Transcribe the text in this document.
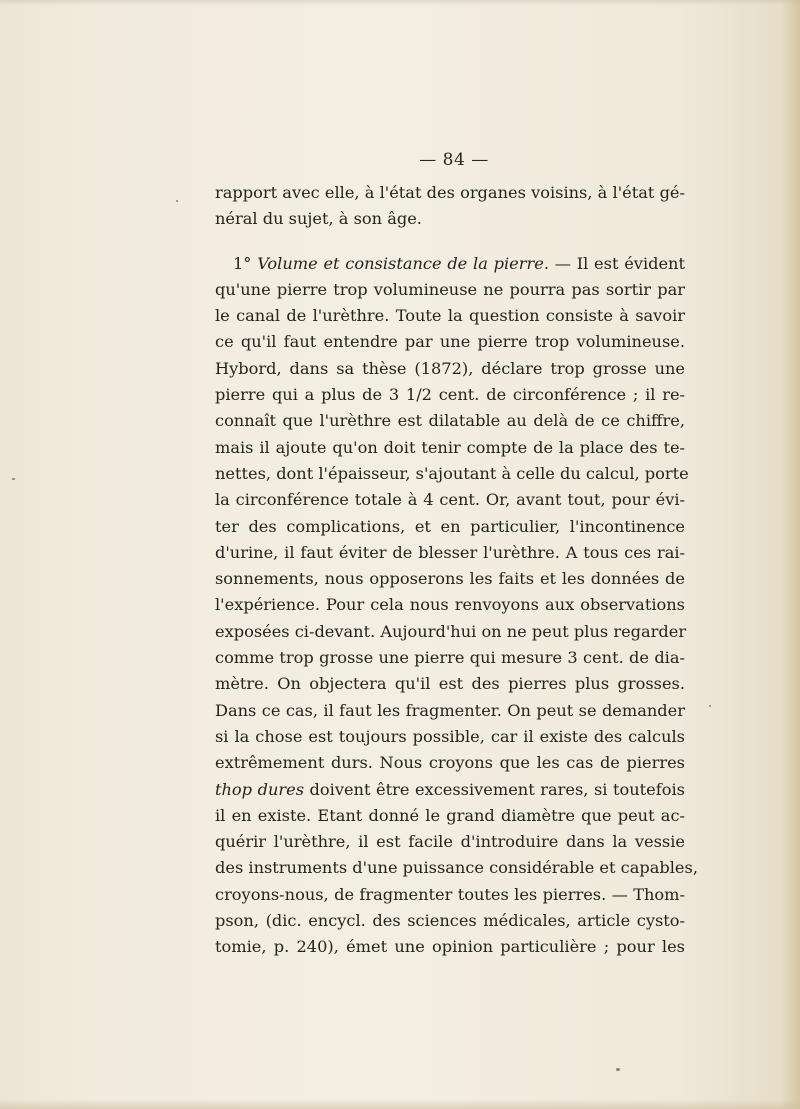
— 84 —
rapport avec elle, à l'état des organes voisins, à l'état gé-
néral du sujet, à son âge.
1° Volume et consistance de la pierre. — Il est évident
qu'une pierre trop volumineuse ne pourra pas sortir par
le canal de l'urèthre. Toute la question consiste à savoir
ce qu'il faut entendre par une pierre trop volumineuse.
Hybord, dans sa thèse (1872), déclare trop grosse une
pierre qui a plus de 3 1/2 cent. de circonférence ; il re-
connaît que l'urèthre est dilatable au delà de ce chiffre,
mais il ajoute qu'on doit tenir compte de la place des te-
nettes, dont l'épaisseur, s'ajoutant à celle du calcul, porte
la circonférence totale à 4 cent. Or, avant tout, pour évi-
ter des complications, et en particulier, l'incontinence
d'urine, il faut éviter de blesser l'urèthre. A tous ces rai-
sonnements, nous opposerons les faits et les données de
l'expérience. Pour cela nous renvoyons aux observations
exposées ci-devant. Aujourd'hui on ne peut plus regarder
comme trop grosse une pierre qui mesure 3 cent. de dia-
mètre. On objectera qu'il est des pierres plus grosses.
Dans ce cas, il faut les fragmenter. On peut se demander
si la chose est toujours possible, car il existe des calculs
extrêmement durs. Nous croyons que les cas de pierres
thop dures doivent être excessivement rares, si toutefois
il en existe. Etant donné le grand diamètre que peut ac-
quérir l'urèthre, il est facile d'introduire dans la vessie
des instruments d'une puissance considérable et capables,
croyons-nous, de fragmenter toutes les pierres. — Thom-
pson, (dic. encycl. des sciences médicales, article cysto-
tomie, p. 240), émet une opinion particulière ; pour les
